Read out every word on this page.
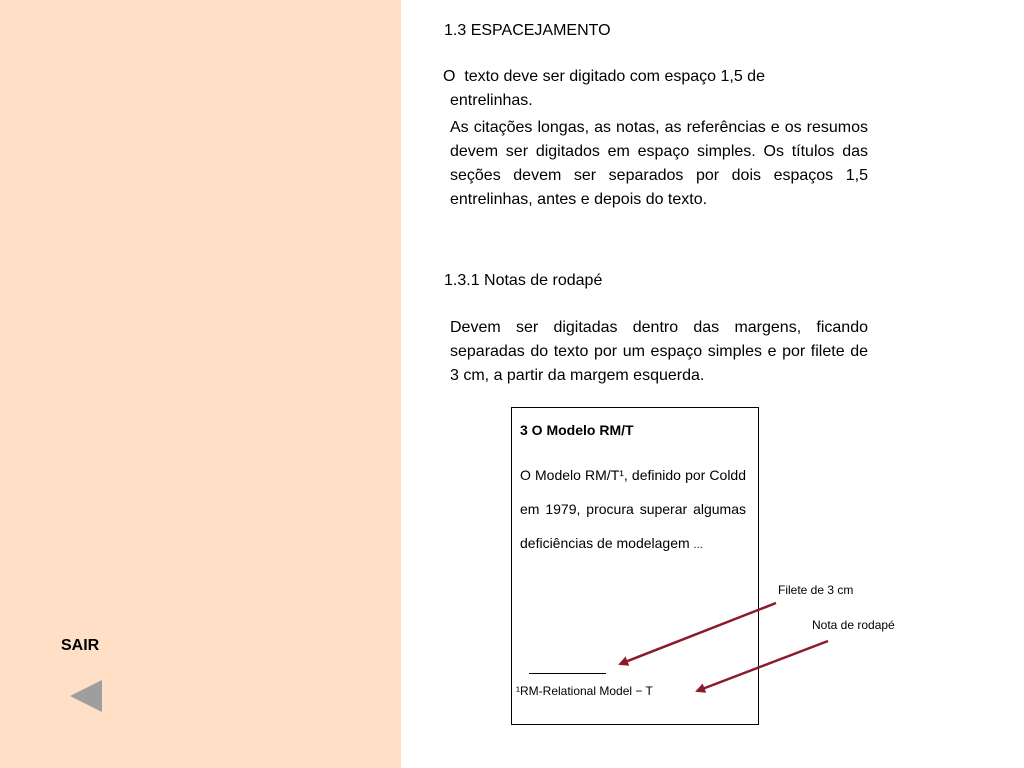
SAIR
1.3 ESPACEJAMENTO
O  texto deve ser digitado com espaço 1,5 de
entrelinhas.
As citações longas, as notas, as referências e os resumos devem ser digitados em espaço simples. Os títulos das seções devem ser separados por dois espaços 1,5 entrelinhas, antes e depois do texto.
1.3.1 Notas de rodapé
Devem ser digitadas dentro das margens, ficando separadas do texto por um espaço simples e por filete de 3 cm, a partir da margem esquerda.
3 O Modelo RM/T
O Modelo RM/T¹, definido por Coldd em 1979, procura superar algumas deficiências de modelagem ...
¹RM-Relational Model − T
Filete de 3 cm
Nota de rodapé
